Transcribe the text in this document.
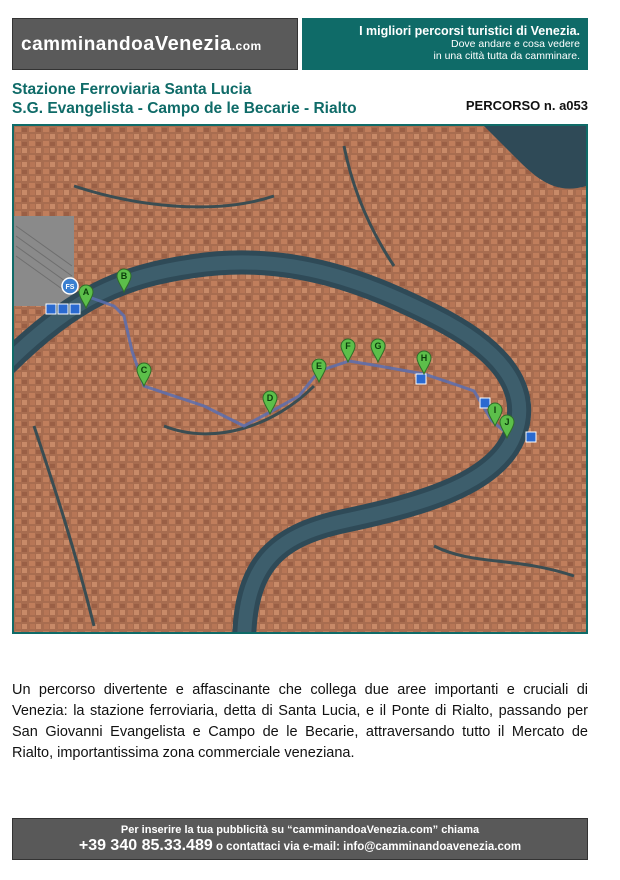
camminandoaVenezia.com
I migliori percorsi turistici di Venezia.
Dove andare e cosa vedere
in una città tutta da camminare.
Stazione Ferroviaria Santa Lucia
S.G. Evangelista - Campo de le Becarie - Rialto	PERCORSO n. a053
FS A
B
C
D
E
F	G
H
I
J
Un percorso divertente e affascinante che collega due aree importanti e cruciali di Venezia: la stazione ferroviaria, detta di Santa Lucia, e il Ponte di Rialto, passando per San Giovanni Evangelista e Campo de le Becarie, attraversando tutto il Mercato de Rialto, importantissima zona commerciale veneziana.
Per inserire la tua pubblicità su “camminandoaVenezia.com” chiama
+39 340 85.33.489 o contattaci via e-mail: info@camminandoavenezia.com
